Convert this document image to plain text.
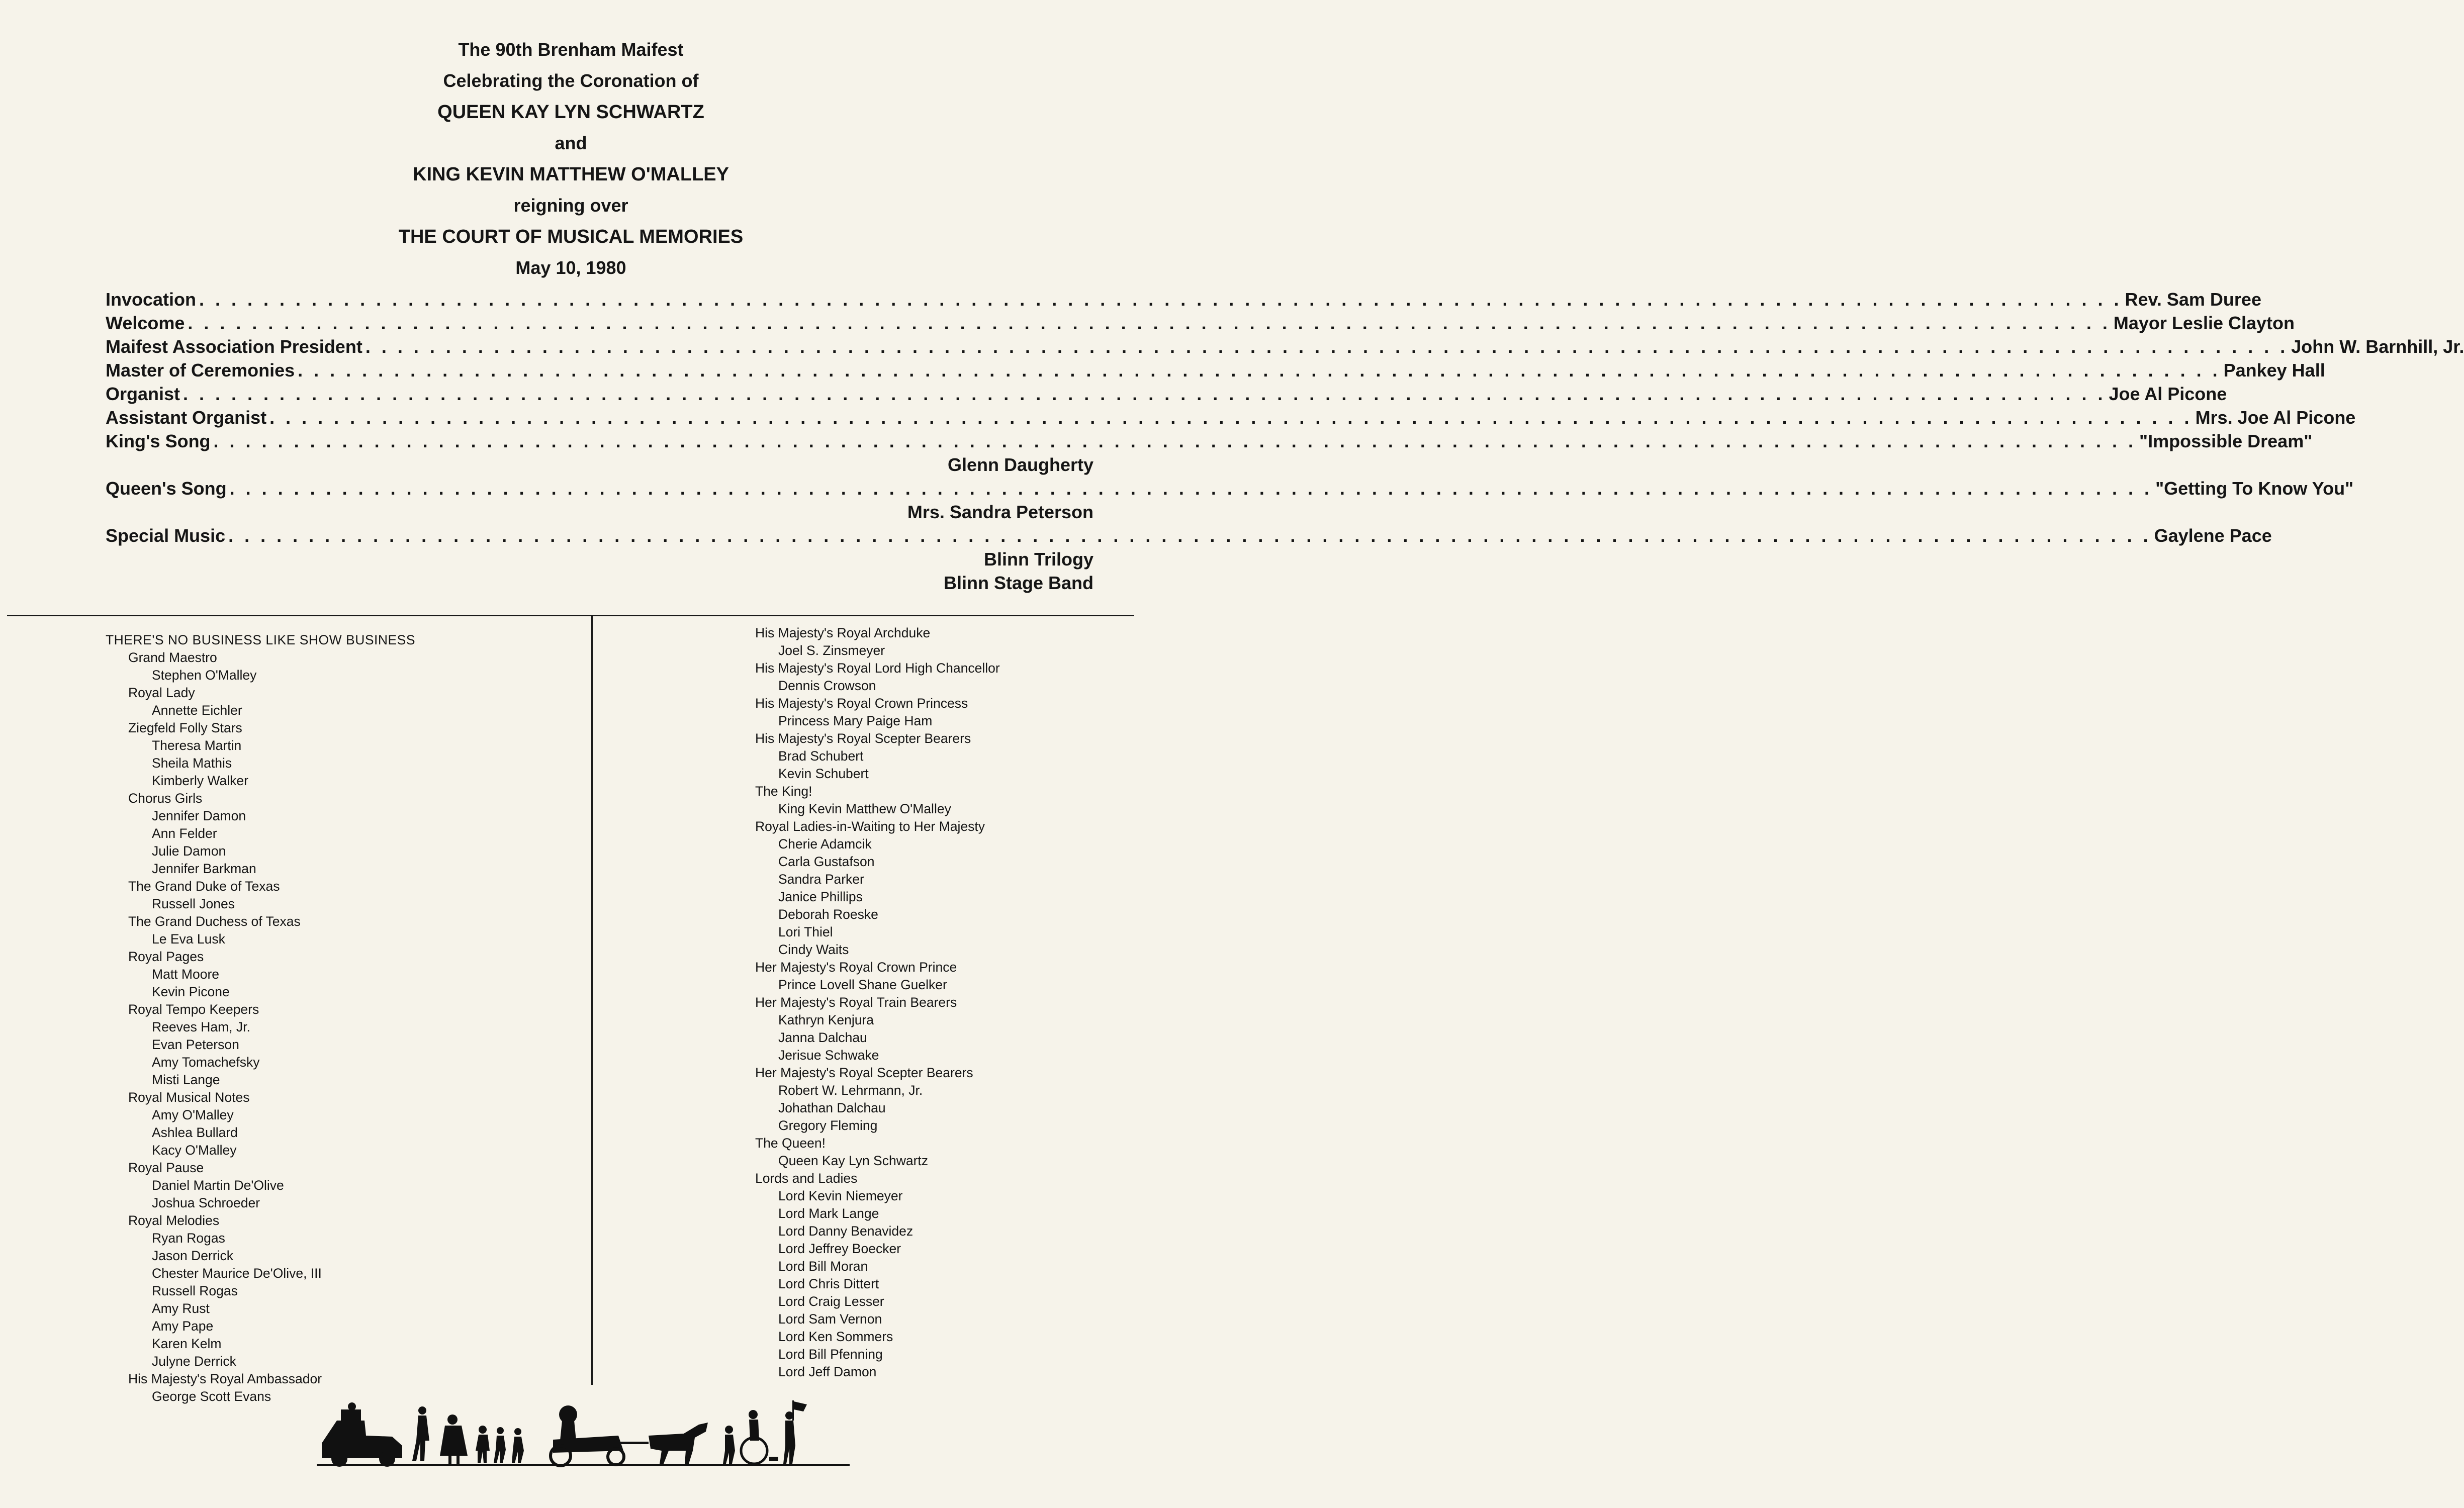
The 90th Brenham Maifest
Celebrating the Coronation of
QUEEN KAY LYN SCHWARTZ
and
KING KEVIN MATTHEW O'MALLEY
reigning over
THE COURT OF MUSICAL MEMORIES
May 10, 1980
Invocation . . . . . . . . . . . . . . . . . . . . . . . . . . . . . . . . . . . . . . . . . . . . . . . . . . . . . . . . . . . . . . . . . . . . . . . . . . . . . . . . . . . . . . . . . . . . . . . . . . . . . . . . . . . . . . . . . . . . . . . . Rev. Sam Duree
Welcome . . . . . . . . . . . . . . . . . . . . . . . . . . . . . . . . . . . . . . . . . . . . . . . . . . . . . . . . . . . . . . . . . . . . . . . . . . . . . . . . . . . . . . . . . . . . . . . . . . . . . . . . . . . . . . . . . . . . . . . . Mayor Leslie Clayton
Maifest Association President . . . . . . . . . . . . . . . . . . . . . . . . . . . . . . . . . . . . . . . . . . . . . . . . . . . . . . . . . . . . . . . . . . . . . . . . . . . . . . . . . . . . . . . . . . . . . . . . . . . . . . . . . . . . . . . . . . . . . . . . John W. Barnhill, Jr.
Master of Ceremonies . . . . . . . . . . . . . . . . . . . . . . . . . . . . . . . . . . . . . . . . . . . . . . . . . . . . . . . . . . . . . . . . . . . . . . . . . . . . . . . . . . . . . . . . . . . . . . . . . . . . . . . . . . . . . . . . . . . . . . . . Pankey Hall
Organist . . . . . . . . . . . . . . . . . . . . . . . . . . . . . . . . . . . . . . . . . . . . . . . . . . . . . . . . . . . . . . . . . . . . . . . . . . . . . . . . . . . . . . . . . . . . . . . . . . . . . . . . . . . . . . . . . . . . . . . . Joe Al Picone
Assistant Organist . . . . . . . . . . . . . . . . . . . . . . . . . . . . . . . . . . . . . . . . . . . . . . . . . . . . . . . . . . . . . . . . . . . . . . . . . . . . . . . . . . . . . . . . . . . . . . . . . . . . . . . . . . . . . . . . . . . . . . . . Mrs. Joe Al Picone
King's Song . . . . . . . . . . . . . . . . . . . . . . . . . . . . . . . . . . . . . . . . . . . . . . . . . . . . . . . . . . . . . . . . . . . . . . . . . . . . . . . . . . . . . . . . . . . . . . . . . . . . . . . . . . . . . . . . . . . . . . . . "Impossible Dream"
Glenn Daugherty
Queen's Song . . . . . . . . . . . . . . . . . . . . . . . . . . . . . . . . . . . . . . . . . . . . . . . . . . . . . . . . . . . . . . . . . . . . . . . . . . . . . . . . . . . . . . . . . . . . . . . . . . . . . . . . . . . . . . . . . . . . . . . . "Getting To Know You"
Mrs. Sandra Peterson
Special Music . . . . . . . . . . . . . . . . . . . . . . . . . . . . . . . . . . . . . . . . . . . . . . . . . . . . . . . . . . . . . . . . . . . . . . . . . . . . . . . . . . . . . . . . . . . . . . . . . . . . . . . . . . . . . . . . . . . . . . . . Gaylene Pace
Blinn Trilogy
Blinn Stage Band
THERE'S NO BUSINESS LIKE SHOW BUSINESS
Grand Maestro
Stephen O'Malley
Royal Lady
Annette Eichler
Ziegfeld Folly Stars
Theresa Martin
Sheila Mathis
Kimberly Walker
Chorus Girls
Jennifer Damon
Ann Felder
Julie Damon
Jennifer Barkman
The Grand Duke of Texas
Russell Jones
The Grand Duchess of Texas
Le Eva Lusk
Royal Pages
Matt Moore
Kevin Picone
Royal Tempo Keepers
Reeves Ham, Jr.
Evan Peterson
Amy Tomachefsky
Misti Lange
Royal Musical Notes
Amy O'Malley
Ashlea Bullard
Kacy O'Malley
Royal Pause
Daniel Martin De'Olive
Joshua Schroeder
Royal Melodies
Ryan Rogas
Jason Derrick
Chester Maurice De'Olive, III
Russell Rogas
Amy Rust
Amy Pape
Karen Kelm
Julyne Derrick
His Majesty's Royal Ambassador
George Scott Evans
His Majesty's Royal Archduke
Joel S. Zinsmeyer
His Majesty's Royal Lord High Chancellor
Dennis Crowson
His Majesty's Royal Crown Princess
Princess Mary Paige Ham
His Majesty's Royal Scepter Bearers
Brad Schubert
Kevin Schubert
The King!
King Kevin Matthew O'Malley
Royal Ladies-in-Waiting to Her Majesty
Cherie Adamcik
Carla Gustafson
Sandra Parker
Janice Phillips
Deborah Roeske
Lori Thiel
Cindy Waits
Her Majesty's Royal Crown Prince
Prince Lovell Shane Guelker
Her Majesty's Royal Train Bearers
Kathryn Kenjura
Janna Dalchau
Jerisue Schwake
Her Majesty's Royal Scepter Bearers
Robert W. Lehrmann, Jr.
Johathan Dalchau
Gregory Fleming
The Queen!
Queen Kay Lyn Schwartz
Lords and Ladies
Lord Kevin Niemeyer
Lord Mark Lange
Lord Danny Benavidez
Lord Jeffrey Boecker
Lord Bill Moran
Lord Chris Dittert
Lord Craig Lesser
Lord Sam Vernon
Lord Ken Sommers
Lord Bill Pfenning
Lord Jeff Damon
